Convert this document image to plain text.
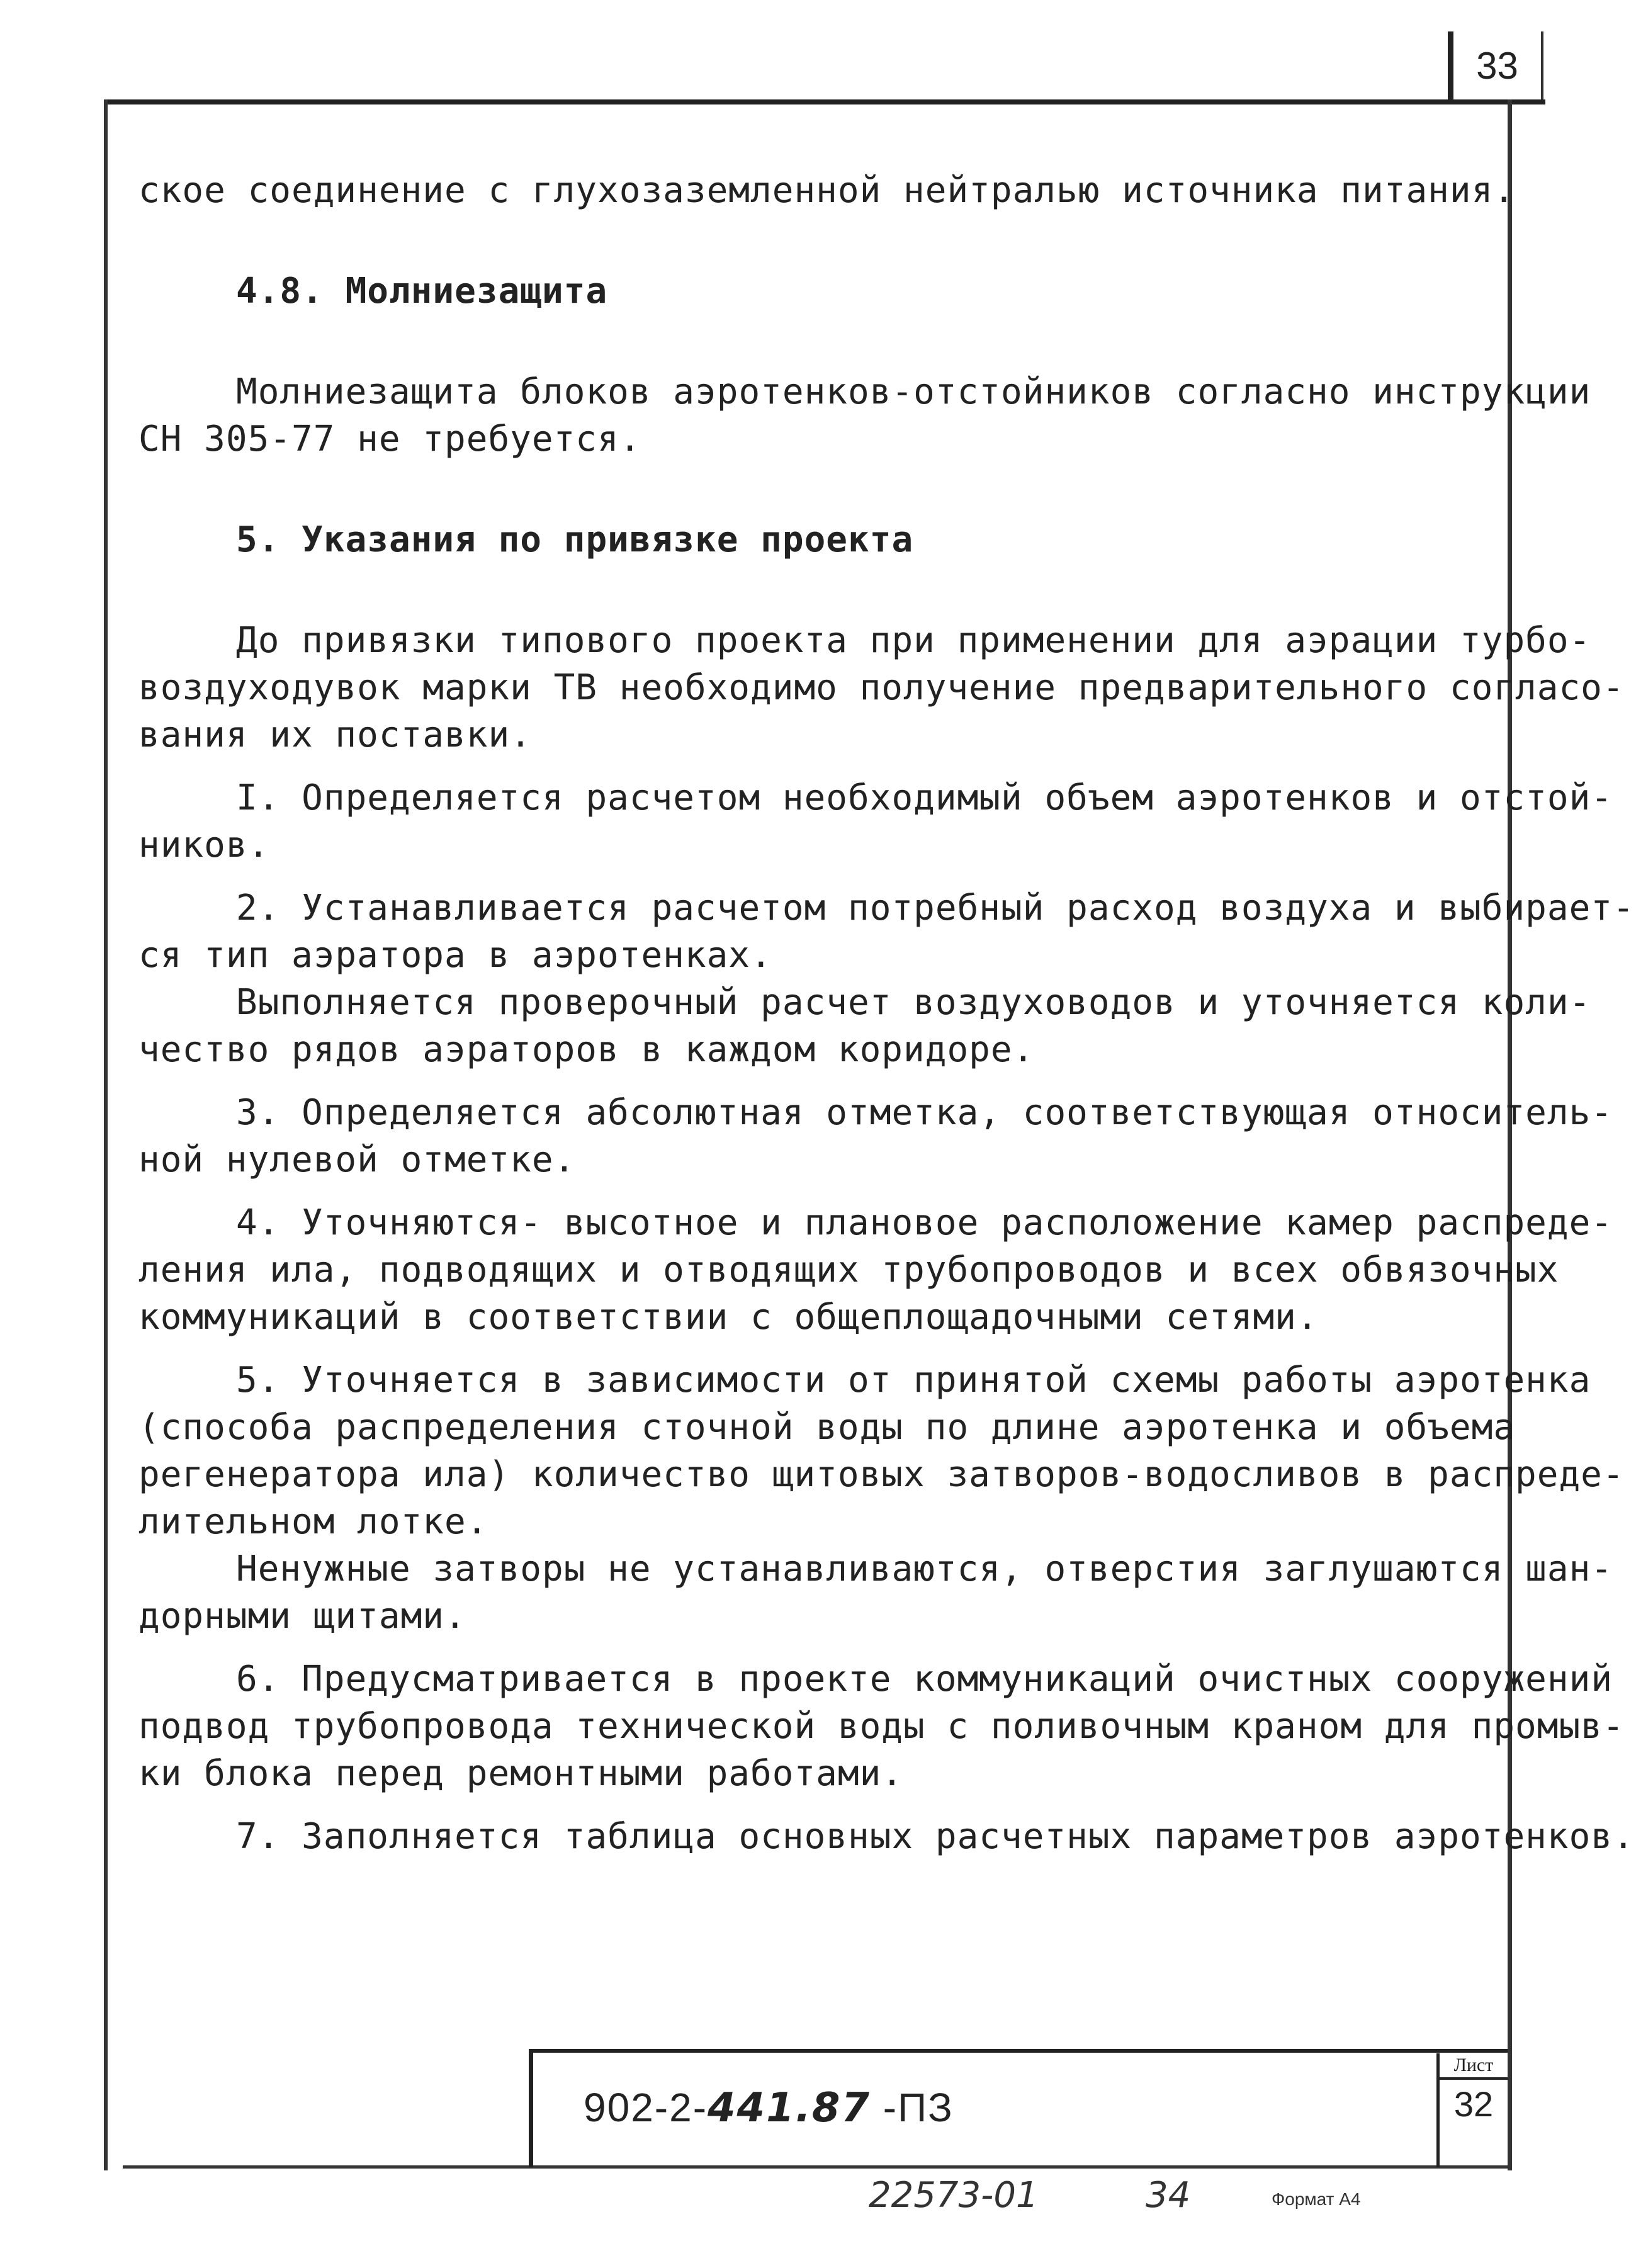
33
ское соединение с глухозаземленной нейтралью источника питания.
4.8. Молниезащита
Молниезащита блоков аэротенков-отстойников согласно инструкции
СН 305-77 не требуется.
5. Указания по привязке проекта
До привязки типового проекта при применении для аэрации турбо-
воздуходувок марки ТВ необходимо получение предварительного согласо-
вания их поставки.
I. Определяется расчетом необходимый объем аэротенков и отстой-
ников.
2. Устанавливается расчетом потребный расход воздуха и выбирает-
ся тип аэратора в аэротенках.
Выполняется проверочный расчет воздуховодов и уточняется коли-
чество рядов аэраторов в каждом коридоре.
3. Определяется абсолютная отметка, соответствующая относитель-
ной нулевой отметке.
4. Уточняются- высотное и плановое расположение камер распреде-
ления ила, подводящих и отводящих трубопроводов и всех обвязочных
коммуникаций в соответствии с общеплощадочными сетями.
5. Уточняется в зависимости от принятой схемы работы аэротенка
(способа распределения сточной воды по длине аэротенка и объема
регенератора ила) количество щитовых затворов-водосливов в распреде-
лительном лотке.
Ненужные затворы не устанавливаются, отверстия заглушаются шан-
дорными щитами.
6. Предусматривается в проекте коммуникаций очистных сооружений
подвод трубопровода технической воды с поливочным краном для промыв-
ки блока перед ремонтными работами.
7. Заполняется таблица основных расчетных параметров аэротенков.
902-2-441.87 -ПЗ
Лист
32
22573-01	34	Формат А4
